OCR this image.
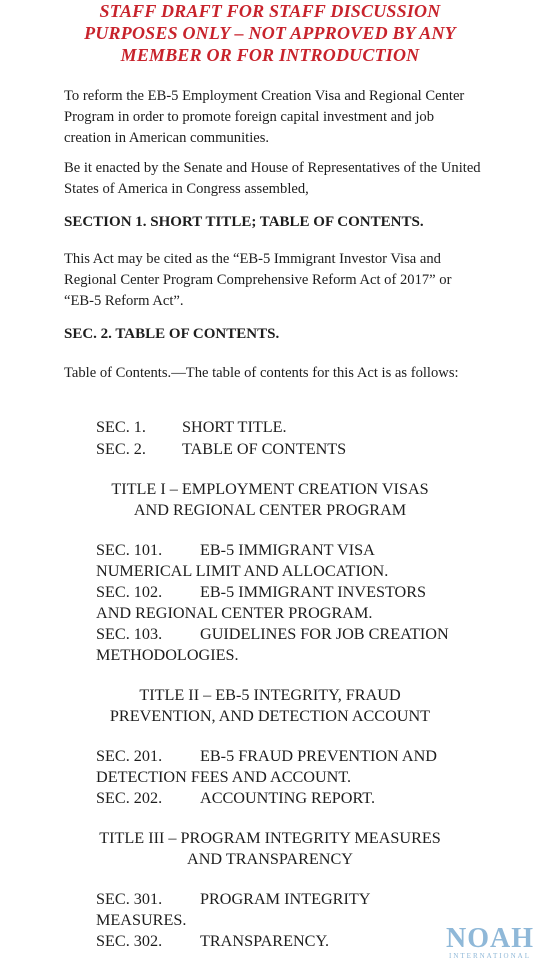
STAFF DRAFT FOR STAFF DISCUSSION
PURPOSES ONLY – NOT APPROVED BY ANY
MEMBER OR FOR INTRODUCTION
To reform the EB-5 Employment Creation Visa and Regional Center Program in order to promote foreign capital investment and job creation in American communities.
Be it enacted by the Senate and House of Representatives of the United States of America in Congress assembled,
SECTION 1. SHORT TITLE; TABLE OF CONTENTS.
This Act may be cited as the “EB-5 Immigrant Investor Visa and Regional Center Program Comprehensive Reform Act of 2017” or “EB-5 Reform Act”.
SEC. 2. TABLE OF CONTENTS.
Table of Contents.—The table of contents for this Act is as follows:
SEC. 1. SHORT TITLE.
SEC. 2. TABLE OF CONTENTS
TITLE I – EMPLOYMENT CREATION VISAS
AND REGIONAL CENTER PROGRAM
SEC. 101. EB-5 IMMIGRANT VISA
NUMERICAL LIMIT AND ALLOCATION.
SEC. 102. EB-5 IMMIGRANT INVESTORS
AND REGIONAL CENTER PROGRAM.
SEC. 103. GUIDELINES FOR JOB CREATION
METHODOLOGIES.
TITLE II – EB-5 INTEGRITY, FRAUD
PREVENTION, AND DETECTION ACCOUNT
SEC. 201. EB-5 FRAUD PREVENTION AND
DETECTION FEES AND ACCOUNT.
SEC. 202. ACCOUNTING REPORT.
TITLE III – PROGRAM INTEGRITY MEASURES
AND TRANSPARENCY
SEC. 301. PROGRAM INTEGRITY
MEASURES.
SEC. 302. TRANSPARENCY.	NOAH
INTERNATIONAL
